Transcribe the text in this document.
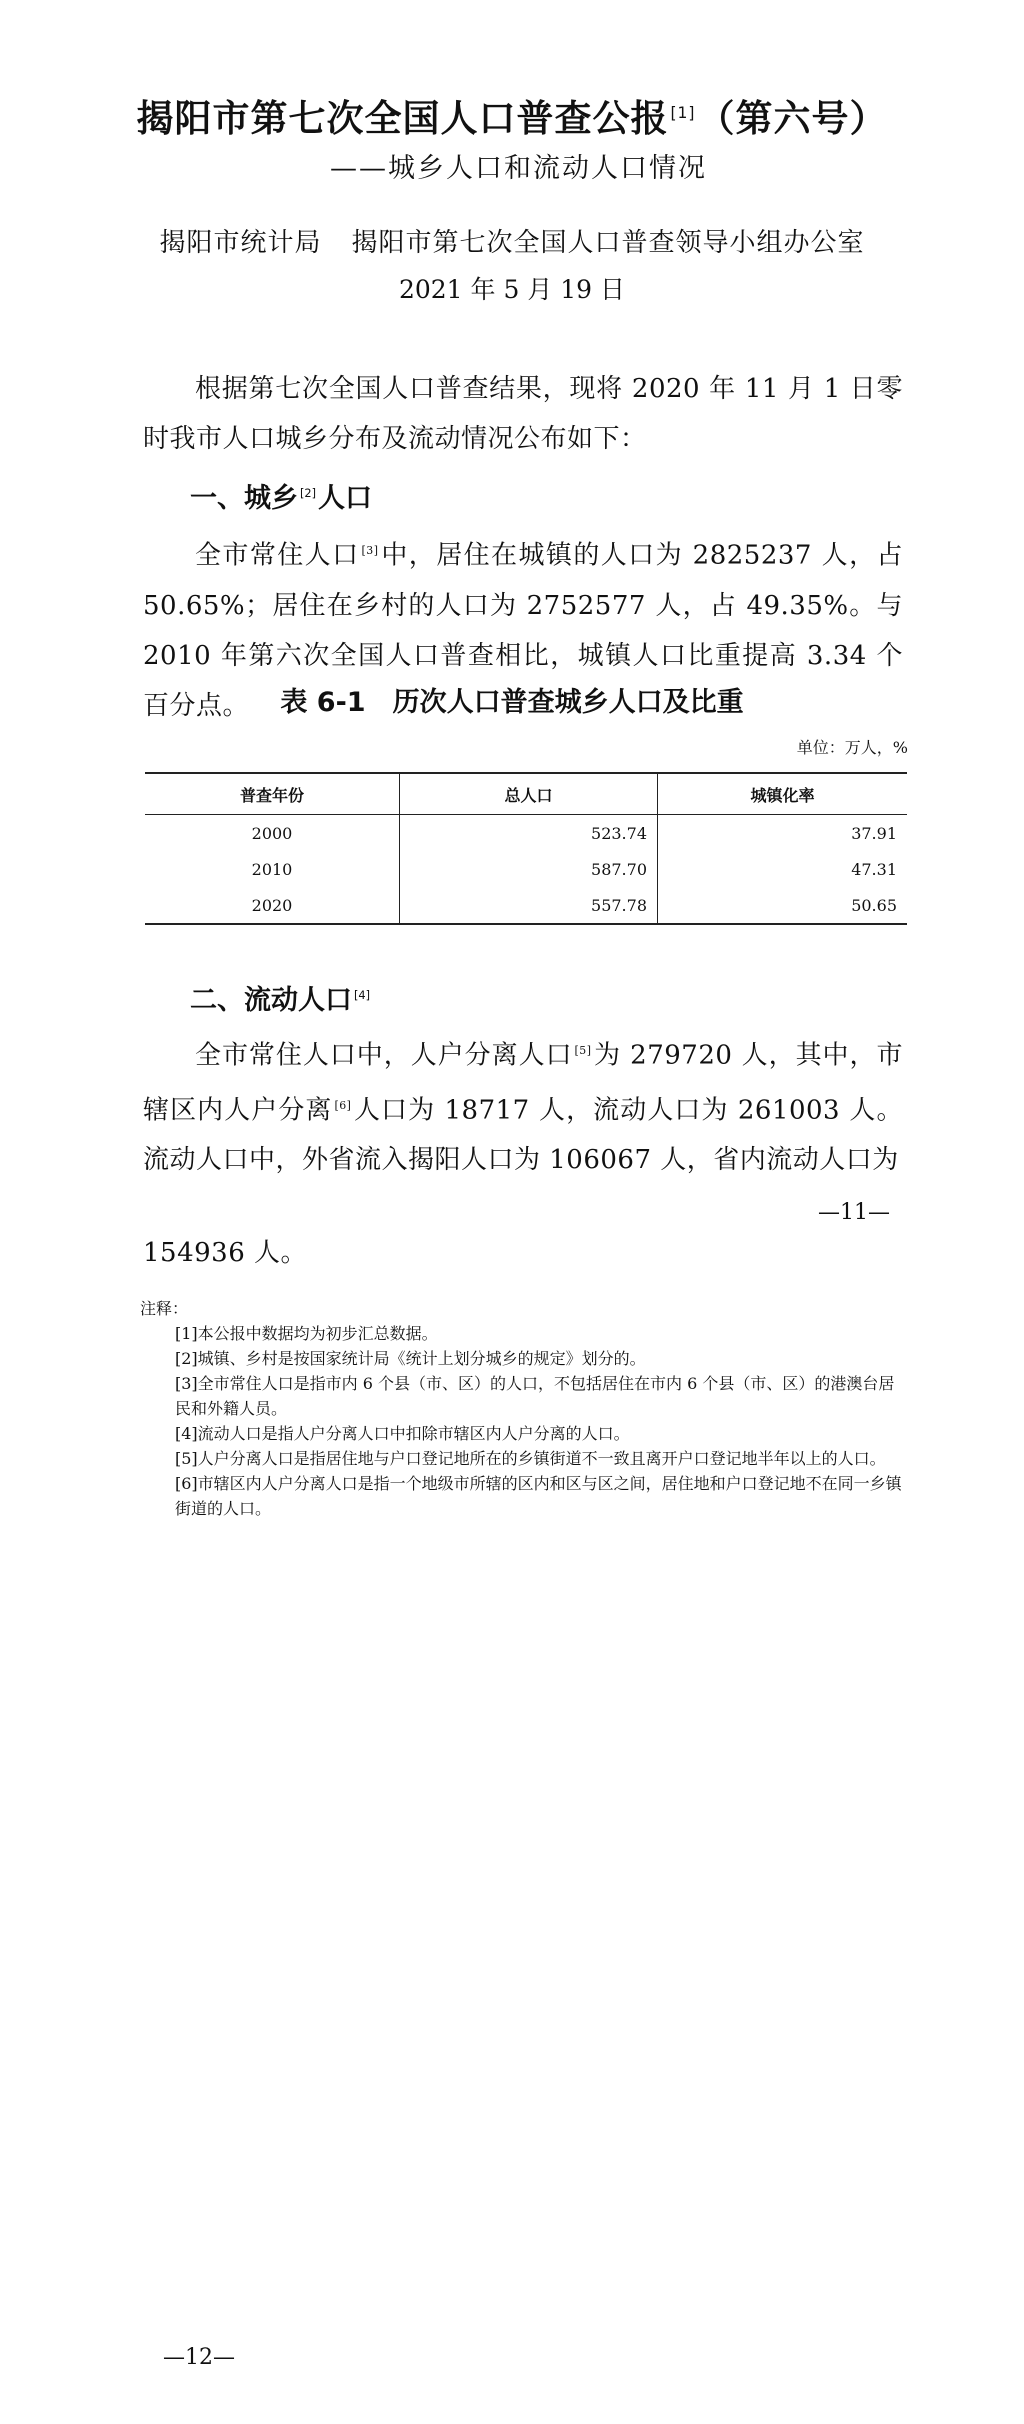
揭阳市第七次全国人口普查公报 [1]（第六号）
——城乡人口和流动人口情况
揭阳市统计局 揭阳市第七次全国人口普查领导小组办公室
2021 年 5 月 19 日
根据第七次全国人口普查结果，现将 2020 年 11 月 1 日零时我市人口城乡分布及流动情况公布如下：
一、城乡 [2]人口
全市常住人口 [3]中，居住在城镇的人口为 2825237 人，占 50.65%；居住在乡村的人口为 2752577 人，占 49.35%。与 2010 年第六次全国人口普查相比，城镇人口比重提高 3.34 个百分点。	表 6-1　历次人口普查城乡人口及比重
单位：万人，%
普查年份	总人口	城镇化率
2000	523.74	37.91
2010	587.70	47.31
2020	557.78	50.65
二、流动人口 [4]
全市常住人口中，人户分离人口 [5]为 279720 人，其中，市辖区内人户分离 [6]人口为 18717 人，流动人口为 261003 人。流动人口中，外省流入揭阳人口为 106067 人，省内流动人口为
—11—
154936 人。
注释：
[1]本公报中数据均为初步汇总数据。
[2]城镇、乡村是按国家统计局《统计上划分城乡的规定》划分的。
[3]全市常住人口是指市内 6 个县（市、区）的人口，不包括居住在市内 6 个县（市、区）的港澳台居民和外籍人员。
[4]流动人口是指人户分离人口中扣除市辖区内人户分离的人口。
[5]人户分离人口是指居住地与户口登记地所在的乡镇街道不一致且离开户口登记地半年以上的人口。
[6]市辖区内人户分离人口是指一个地级市所辖的区内和区与区之间，居住地和户口登记地不在同一乡镇街道的人口。
—12—
